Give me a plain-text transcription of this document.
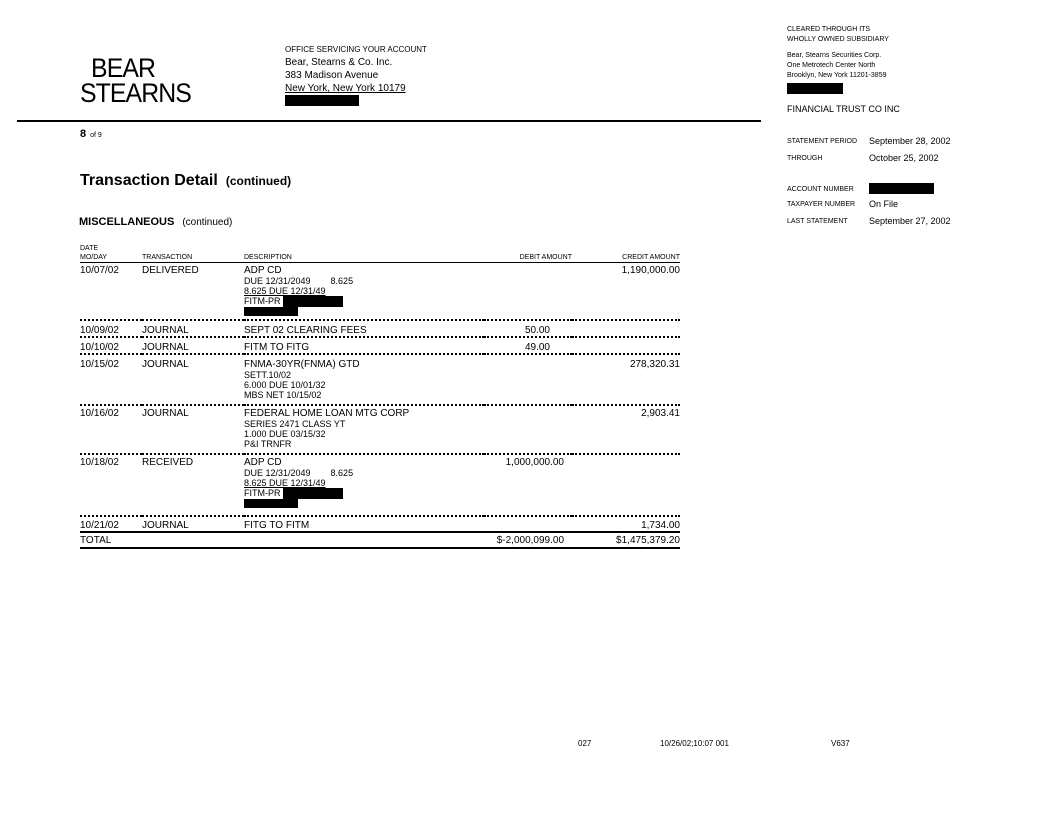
BEAR
STEARNS
OFFICE SERVICING YOUR ACCOUNT
Bear, Stearns & Co. Inc.
383 Madison Avenue
New York, New York 10179
CLEARED THROUGH ITS
WHOLLY OWNED SUBSIDIARY
Bear, Stearns Securities Corp.
One Metrotech Center North
Brooklyn, New York 11201-3859
FINANCIAL TRUST CO INC
STATEMENT PERIOD September 28, 2002
THROUGH	October 25, 2002
ACCOUNT NUMBER
TAXPAYER NUMBER On File
LAST STATEMENT September 27, 2002
8 of 9
Transaction Detail (continued)
MISCELLANEOUS (continued)
DATE
MO/DAY	TRANSACTION	DESCRIPTION	DEBIT AMOUNT	CREDIT AMOUNT
10/07/02	DELIVERED	ADP CD
DUE 12/31/2049        8.625
8.625 DUE 12/31/49
FITM-PR		1,190,000.00
10/09/02	JOURNAL	SEPT 02 CLEARING FEES	50.00	
10/10/02	JOURNAL	FITM TO FITG	49.00	
10/15/02	JOURNAL	FNMA-30YR(FNMA) GTD
SETT.10/02
6.000 DUE 10/01/32
MBS NET 10/15/02		278,320.31
10/16/02	JOURNAL	FEDERAL HOME LOAN MTG CORP
SERIES 2471 CLASS YT
1.000 DUE 03/15/32
P&I TRNFR		2,903.41
10/18/02	RECEIVED	ADP CD
DUE 12/31/2049        8.625
8.625 DUE 12/31/49
FITM-PR	1,000,000.00	
10/21/02	JOURNAL	FITG TO FITM		1,734.00
TOTAL			$-2,000,099.00	$1,475,379.20
027	10/26/02;10:07 001	V637
